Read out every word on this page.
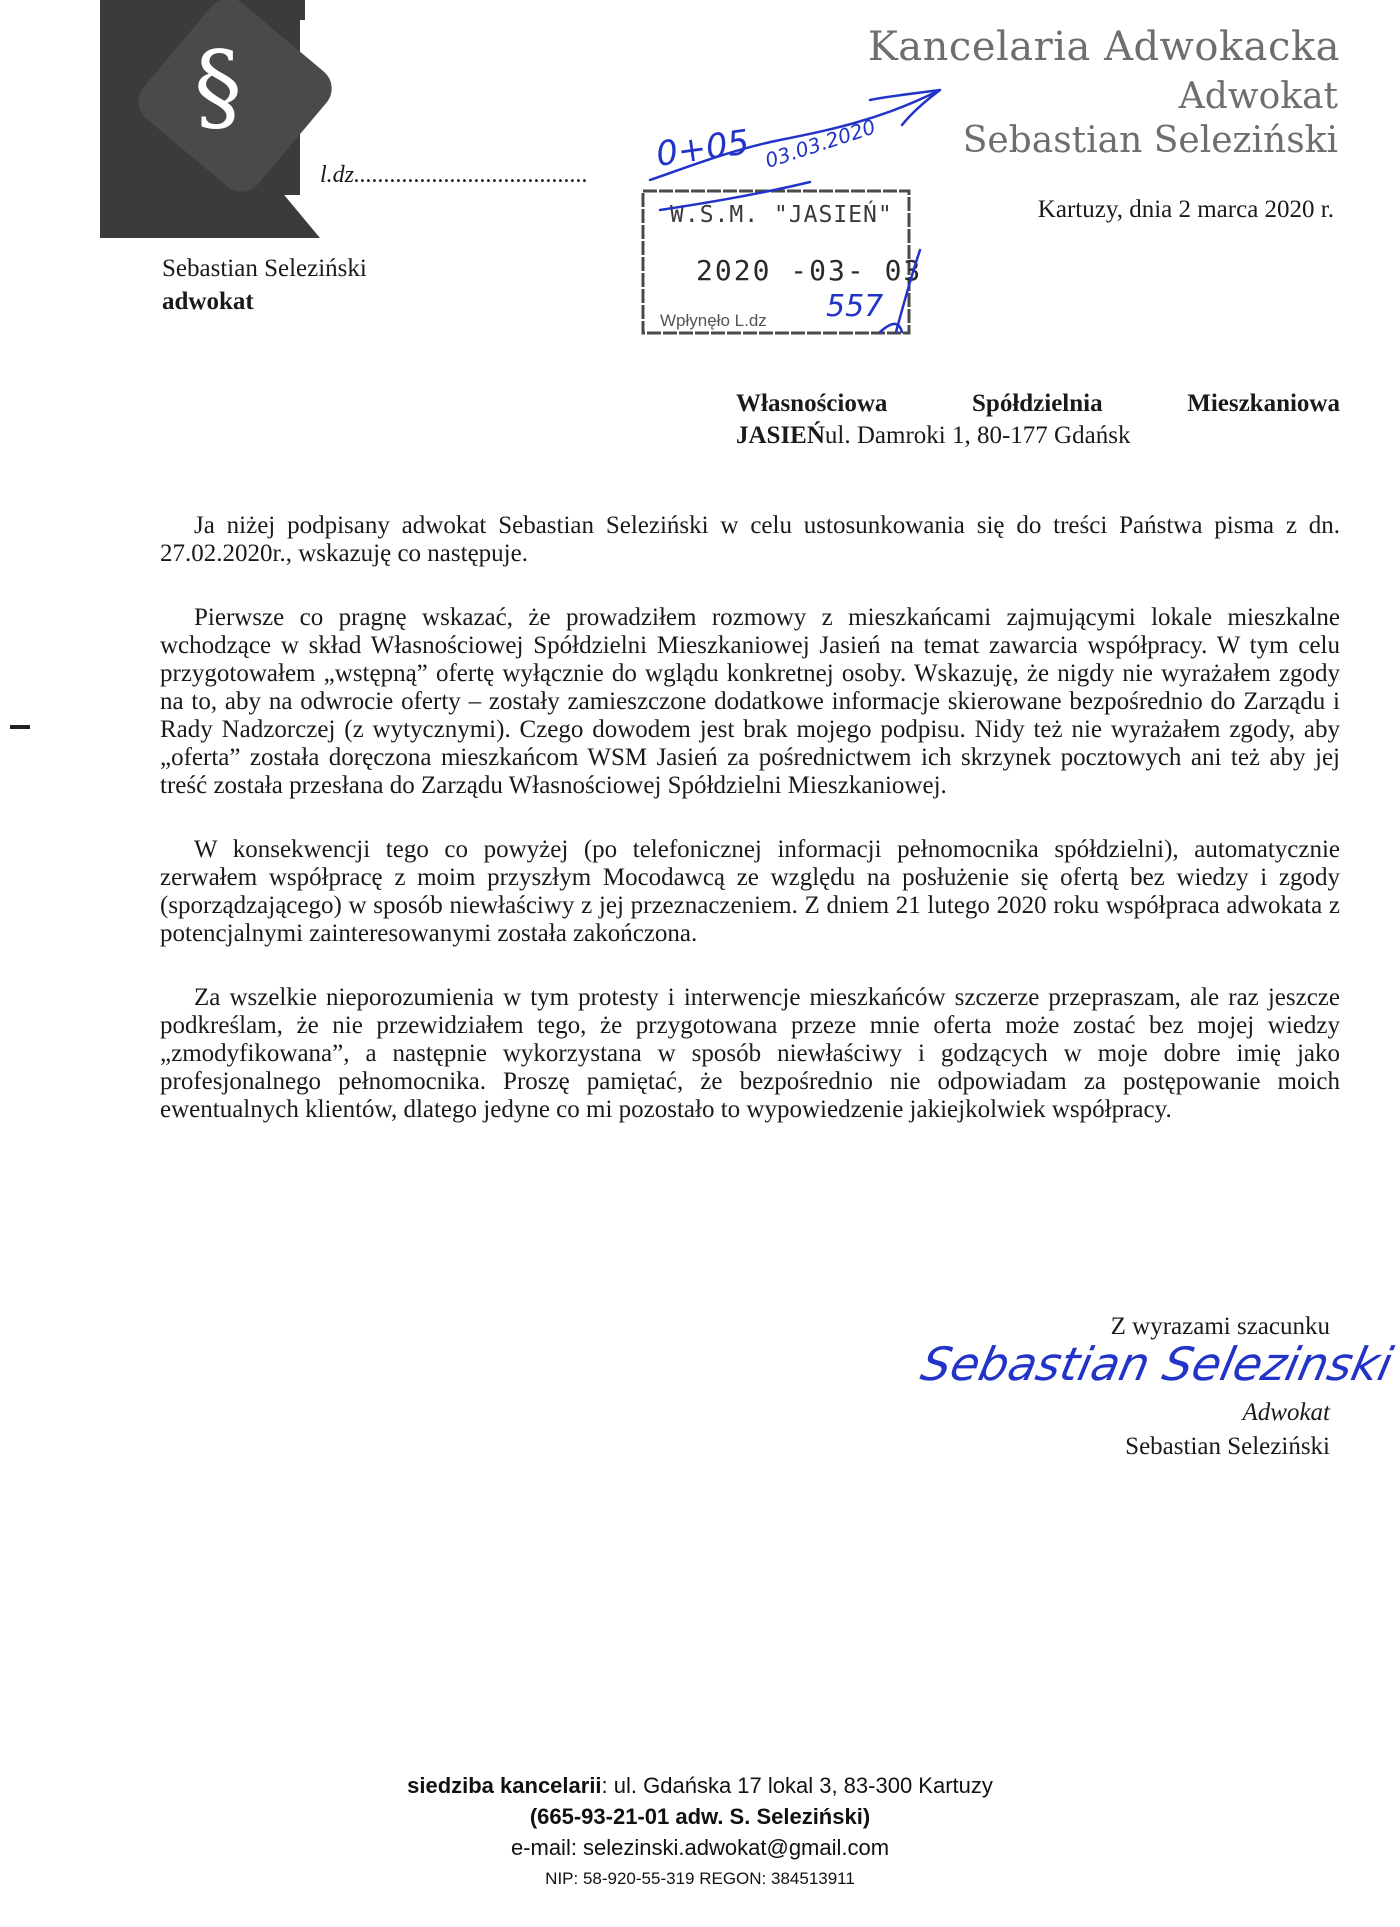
§	Kancelaria Adwokacka
Adwokat
Sebastian Seleziński
Kartuzy, dnia 2 marca 2020 r.
l.dz.......................................
Sebastian Seleziński
adwokat
W.S.M. "JASIEŃ"
2020 -03- 03
Wpłynęło L.dz
0+05 03.03.2020
557
Własnościowa	Spółdzielnia	Mieszkaniowa
JASIEŃul. Damroki 1, 80-177 Gdańsk

Ja niżej podpisany adwokat Sebastian Seleziński w celu ustosunkowania się do treści Państwa pisma z dn. 27.02.2020r., wskazuję co następuje.

Pierwsze co pragnę wskazać, że prowadziłem rozmowy z mieszkańcami zajmującymi lokale mieszkalne wchodzące w skład Własnościowej Spółdzielni Mieszkaniowej Jasień na temat zawarcia współpracy. W tym celu przygotowałem „wstępną” ofertę wyłącznie do wglądu konkretnej osoby. Wskazuję, że nigdy nie wyrażałem zgody na to, aby na odwrocie oferty – zostały zamieszczone dodatkowe informacje skierowane bezpośrednio do Zarządu i Rady Nadzorczej (z wytycznymi). Czego dowodem jest brak mojego podpisu. Nidy też nie wyrażałem zgody, aby „oferta” została doręczona mieszkańcom WSM Jasień za pośrednictwem ich skrzynek pocztowych ani też aby jej treść została przesłana do Zarządu Własnościowej Spółdzielni Mieszkaniowej.

W konsekwencji tego co powyżej (po telefonicznej informacji pełnomocnika spółdzielni), automatycznie zerwałem współpracę z moim przyszłym Mocodawcą ze względu na posłużenie się ofertą bez wiedzy i zgody (sporządzającego) w sposób niewłaściwy z jej przeznaczeniem. Z dniem 21 lutego 2020 roku współpraca adwokata z potencjalnymi zainteresowanymi została zakończona.

Za wszelkie nieporozumienia w tym protesty i interwencje mieszkańców szczerze przepraszam, ale raz jeszcze podkreślam, że nie przewidziałem tego, że przygotowana przeze mnie oferta może zostać bez mojej wiedzy „zmodyfikowana”, a następnie wykorzystana w sposób niewłaściwy i godzących w moje dobre imię jako profesjonalnego pełnomocnika. Proszę pamiętać, że bezpośrednio nie odpowiadam za postępowanie moich ewentualnych klientów, dlatego jedyne co mi pozostało to wypowiedzenie jakiejkolwiek współpracy.

Z wyrazami szacunku
Adwokat
Sebastian Seleziński
Sebastian Selezinski
siedziba kancelarii: ul. Gdańska 17 lokal 3, 83-300 Kartuzy
(665-93-21-01 adw. S. Seleziński)
e-mail: selezinski.adwokat@gmail.com
NIP: 58-920-55-319 REGON: 384513911
